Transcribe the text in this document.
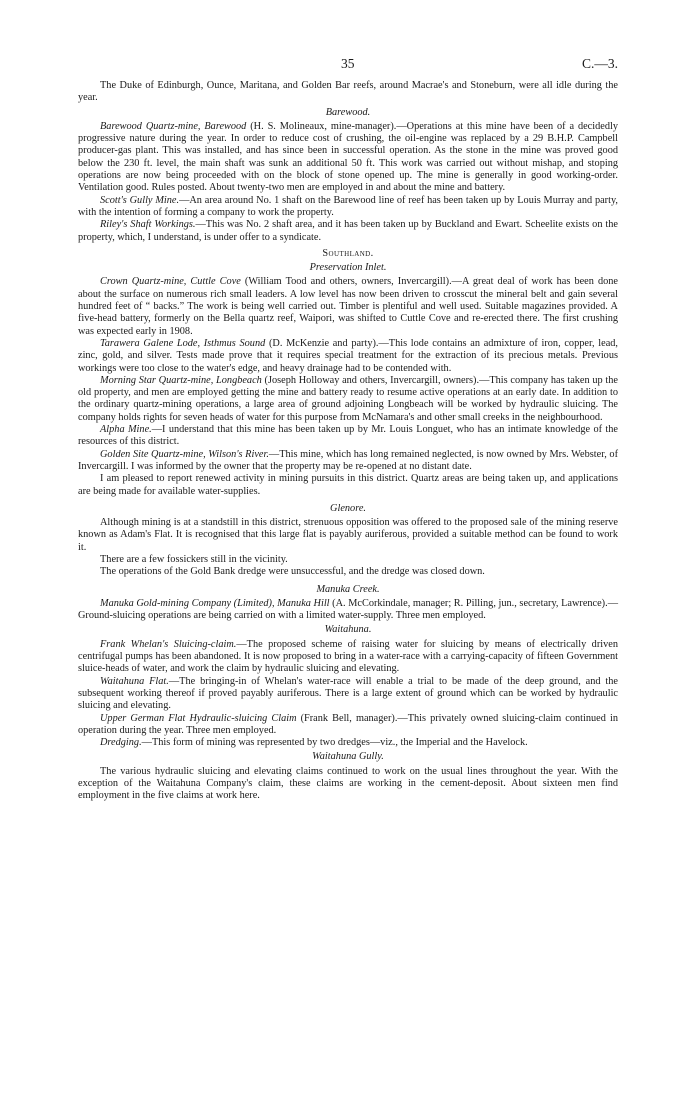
35	C.—3.

The Duke of Edinburgh, Ounce, Maritana, and Golden Bar reefs, around Macrae's and Stoneburn, were all idle during the year.

Barewood.

Barewood Quartz-mine, Barewood (H. S. Molineaux, mine-manager).—Operations at this mine have been of a decidedly progressive nature during the year. In order to reduce cost of crushing, the oil-engine was replaced by a 29 B.H.P. Campbell producer-gas plant. This was installed, and has since been in successful operation. As the stone in the mine was proved good below the 230 ft. level, the main shaft was sunk an additional 50 ft. This work was carried out without mishap, and stoping operations are now being proceeded with on the block of stone opened up. The mine is generally in good working-order. Ventilation good. Rules posted. About twenty-two men are employed in and about the mine and battery.

Scott's Gully Mine.—An area around No. 1 shaft on the Barewood line of reef has been taken up by Louis Murray and party, with the intention of forming a company to work the property.

Riley's Shaft Workings.—This was No. 2 shaft area, and it has been taken up by Buckland and Ewart. Scheelite exists on the property, which, I understand, is under offer to a syndicate.

Southland.

Preservation Inlet.

Crown Quartz-mine, Cuttle Cove (William Tood and others, owners, Invercargill).—A great deal of work has been done about the surface on numerous rich small leaders. A low level has now been driven to crosscut the mineral belt and gain several hundred feet of “ backs.” The work is being well carried out. Timber is plentiful and well used. Suitable magazines provided. A five-head battery, formerly on the Bella quartz reef, Waipori, was shifted to Cuttle Cove and re-erected there. The first crushing was expected early in 1908.

Tarawera Galene Lode, Isthmus Sound (D. McKenzie and party).—This lode contains an admixture of iron, copper, lead, zinc, gold, and silver. Tests made prove that it requires special treatment for the extraction of its precious metals. Previous workings were too close to the water's edge, and heavy drainage had to be contended with.

Morning Star Quartz-mine, Longbeach (Joseph Holloway and others, Invercargill, owners).—This company has taken up the old property, and men are employed getting the mine and battery ready to resume active operations at an early date. In addition to the ordinary quartz-mining operations, a large area of ground adjoining Longbeach will be worked by hydraulic sluicing. The company holds rights for seven heads of water for this purpose from McNamara's and other small creeks in the neighbourhood.

Alpha Mine.—I understand that this mine has been taken up by Mr. Louis Longuet, who has an intimate knowledge of the resources of this district.

Golden Site Quartz-mine, Wilson's River.—This mine, which has long remained neglected, is now owned by Mrs. Webster, of Invercargill. I was informed by the owner that the property may be re-opened at no distant date.

I am pleased to report renewed activity in mining pursuits in this district. Quartz areas are being taken up, and applications are being made for available water-supplies.

Glenore.

Although mining is at a standstill in this district, strenuous opposition was offered to the proposed sale of the mining reserve known as Adam's Flat. It is recognised that this large flat is payably auriferous, provided a suitable method can be found to work it.

There are a few fossickers still in the vicinity.

The operations of the Gold Bank dredge were unsuccessful, and the dredge was closed down.

Manuka Creek.

Manuka Gold-mining Company (Limited), Manuka Hill (A. McCorkindale, manager; R. Pilling, jun., secretary, Lawrence).—Ground-sluicing operations are being carried on with a limited water-supply. Three men employed.

Waitahuna.

Frank Whelan's Sluicing-claim.—The proposed scheme of raising water for sluicing by means of electrically driven centrifugal pumps has been abandoned. It is now proposed to bring in a water-race with a carrying-capacity of fifteen Government sluice-heads of water, and work the claim by hydraulic sluicing and elevating.

Waitahuna Flat.—The bringing-in of Whelan's water-race will enable a trial to be made of the deep ground, and the subsequent working thereof if proved payably auriferous. There is a large extent of ground which can be worked by hydraulic sluicing and elevating.

Upper German Flat Hydraulic-sluicing Claim (Frank Bell, manager).—This privately owned sluicing-claim continued in operation during the year. Three men employed.

Dredging.—This form of mining was represented by two dredges—viz., the Imperial and the Havelock.

Waitahuna Gully.

The various hydraulic sluicing and elevating claims continued to work on the usual lines throughout the year. With the exception of the Waitahuna Company's claim, these claims are working in the cement-deposit. About sixteen men find employment in the five claims at work here.
